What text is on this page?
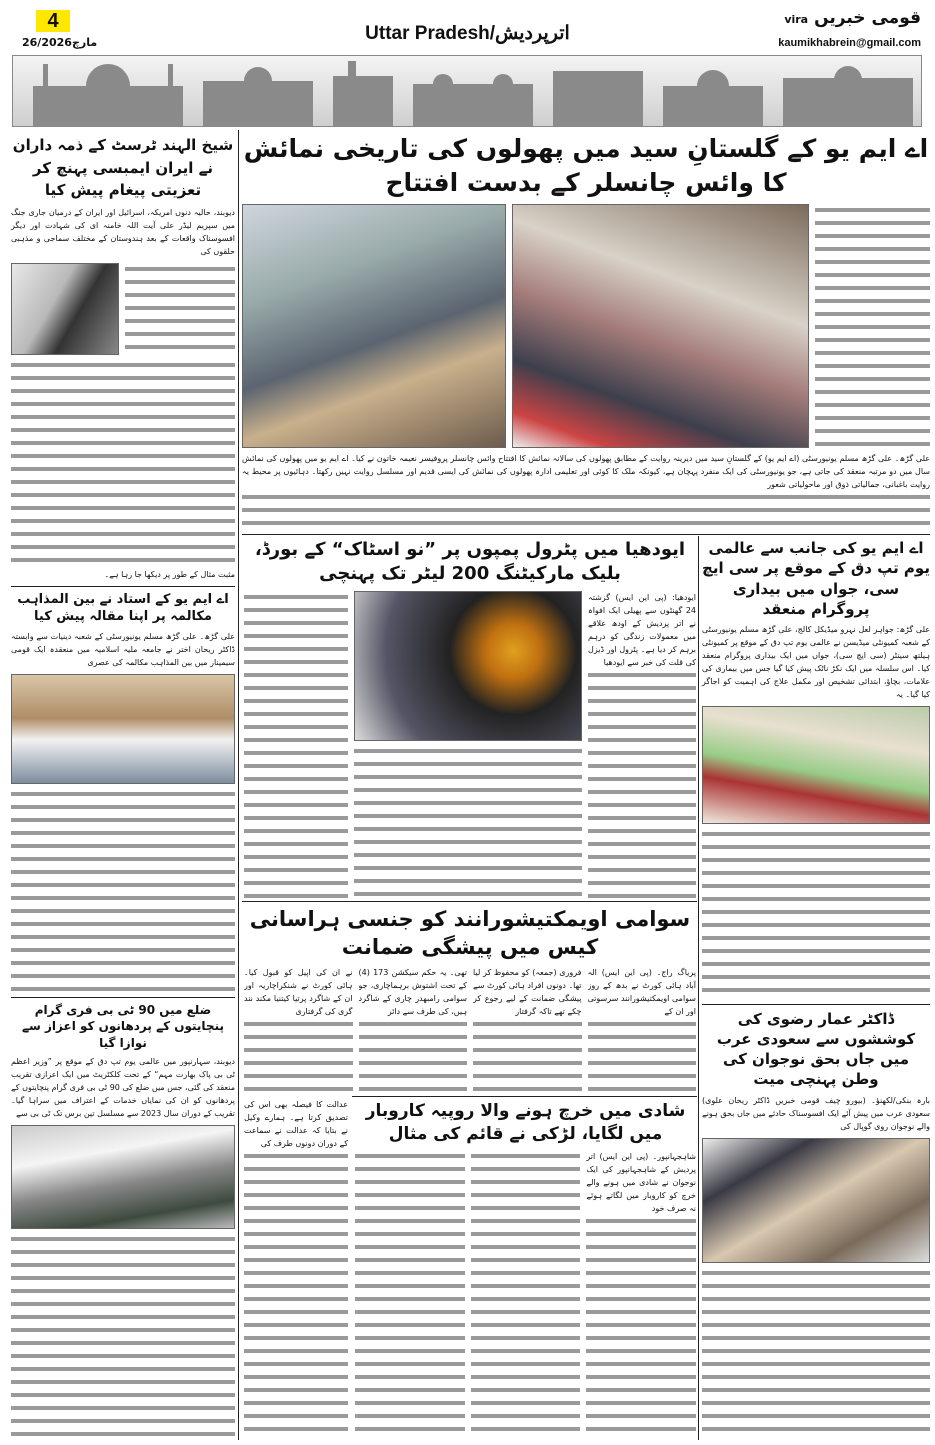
4
26/مارچ2026	Uttar Pradesh/اترپردیش
قومی خبریںvira
kaumikhabrein@gmail.com
اے ایم یو کے گلستانِ سید میں پھولوں کی تاریخی نمائش کا وائس چانسلر کے بدست افتتاح

علی گڑھ۔ علی گڑھ مسلم یونیورسٹی (اے ایم یو) کے گلستانِ سید میں دیرینہ روایت کے مطابق پھولوں کی سالانہ نمائش کا افتتاح وائس چانسلر پروفیسر نعیمہ خاتون نے کیا۔ اے ایم یو میں پھولوں کی نمائش سال میں دو مرتبہ منعقد کی جاتی ہے، جو یونیورسٹی کی ایک منفرد پہچان ہے، کیونکہ ملک کا کوئی اور تعلیمی ادارہ پھولوں کی نمائش کی ایسی قدیم اور مسلسل روایت نہیں رکھتا۔ دہائیوں پر محیط یہ روایت باغبانی، جمالیاتی ذوق اور ماحولیاتی شعور

اے ایم یو کی جانب سے عالمی یوم تپ دق کے موقع پر سی ایچ سی، جواں میں بیداری پروگرام منعقد

علی گڑھ: جواہر لعل نہرو میڈیکل کالج، علی گڑھ مسلم یونیورسٹی کے شعبہ کمیونٹی میڈیسن نے عالمی یوم تپ دق کے موقع پر کمیونٹی ہیلتھ سینٹر (سی ایچ سی)، جواں میں ایک بیداری پروگرام منعقد کیا۔ اس سلسلہ میں ایک نکڑ ناٹک پیش کیا گیا جس میں بیماری کی علامات، بچاؤ، ابتدائی تشخیص اور مکمل علاج کی اہمیت کو اجاگر کیا گیا۔ یہ

ڈاکٹر عمار رضوی کی کوششوں سے سعودی عرب میں جاں بحق نوجوان کی وطن پہنچی میت

بارہ بنکی/لکھنؤ۔ (بیورو چیف قومی خبریں ڈاکٹر ریحان علوی) سعودی عرب میں پیش آئے ایک افسوسناک حادثے میں جاں بحق ہونے والے نوجوان روی گوپال کی

ایودھیا میں پٹرول پمپوں پر ”نو اسٹاک“ کے بورڈ، بلیک مارکیٹنگ 200 لیٹر تک پہنچی

ایودھیا: (پی این ایس) گزشتہ 24 گھنٹوں سے پھیلی ایک افواہ نے اتر پردیش کے اودھ علاقے میں معمولات زندگی کو درہم برہم کر دیا ہے۔ پٹرول اور ڈیزل کی قلت کی خبر سے ایودھیا

سوامی اویمکتیشورانند کو جنسی ہراسانی کیس میں پیشگی ضمانت

پریاگ راج۔ (پی این ایس) الہ آباد ہائی کورٹ نے بدھ کے روز سوامی اویمکتیشورانند سرسوتی اور ان کے

فروری (جمعہ) کو محفوظ کر لیا تھا۔ دونوں افراد ہائی کورٹ سے پیشگی ضمانت کے لیے رجوع کر چکے تھے تاکہ گرفتار

تھی۔ یہ حکم سیکشن 173 (4) کے تحت اشتوش برہماچاری، جو سوامی رامبھدر چاری کے شاگرد ہیں، کی طرف سے دائر

نے ان کی اپیل کو قبول کیا۔ ہائی کورٹ نے شنکراچاریہ اور ان کے شاگرد پرتیا کیتنیا مکند نند گری کی گرفتاری

عدالت کا فیصلہ بھی اس کی تصدیق کرتا ہے۔ ہمارے وکیل نے بتایا کہ عدالت نے سماعت کے دوران دونوں طرف کی

شادی میں خرچ ہونے والا روپیہ کاروبار میں لگایا، لڑکی نے قائم کی مثال

شاہجہانپور۔ (پی این ایس) اتر پردیش کے شاہجہانپور کی ایک نوجوان نے شادی میں ہونے والے خرچ کو کاروبار میں لگاتے ہوئے نہ صرف خود

شیخ الہند ٹرسٹ کے ذمہ داران نے ایران ایمبسی پہنچ کر تعزیتی پیغام پیش کیا

دیوبند، حالیہ دنوں امریکہ، اسرائیل اور ایران کے درمیان جاری جنگ میں سپریم لیڈر علی آیت اللہ خامنہ ای کی شہادت اور دیگر افسوسناک واقعات کے بعد ہندوستان کے مختلف سماجی و مذہبی حلقوں کی

مثبت مثال کے طور پر دیکھا جا رہا ہے۔

اے ایم یو کے استاد نے بین المذاہب مکالمہ پر اپنا مقالہ پیش کیا

علی گڑھ۔ علی گڑھ مسلم یونیورسٹی کے شعبہ دینیات سے وابستہ ڈاکٹر ریحان اختر نے جامعہ ملیہ اسلامیہ میں منعقدہ ایک قومی سیمینار میں بین المذاہب مکالمہ کی عصری

ضلع میں 90 ٹی بی فری گرام پنچایتوں کے پردھانوں کو اعزاز سے نوازا گیا

دیوبند، سہارنپور میں عالمی یوم تپ دق کے موقع پر ”وزیر اعظم ٹی بی پاک بھارت مہم“ کے تحت کلکٹریٹ میں ایک اعزازی تقریب منعقد کی گئی، جس میں ضلع کی 90 ٹی بی فری گرام پنچایتوں کے پردھانوں کو ان کی نمایاں خدمات کے اعتراف میں سراہا گیا۔ تقریب کے دوران سال 2023 سے مسلسل تین برس تک ٹی بی سے
